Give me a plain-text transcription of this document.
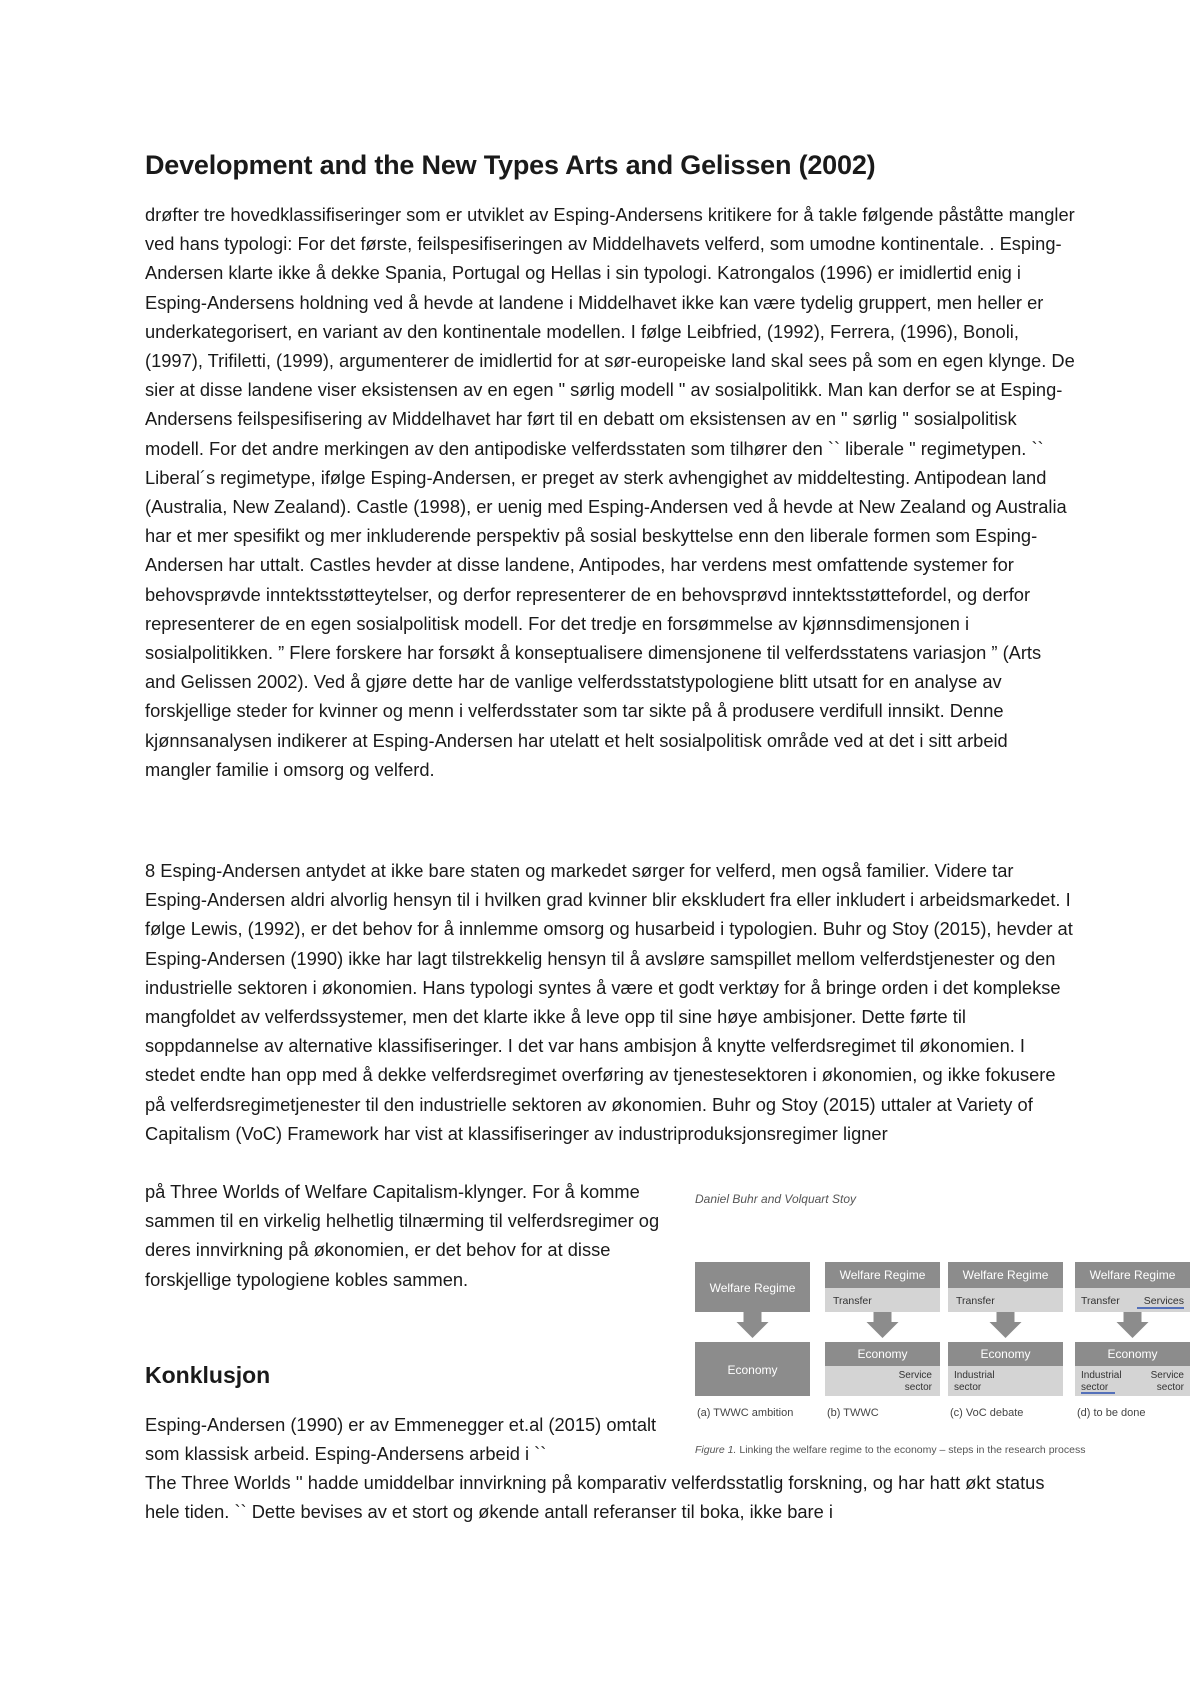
Development and the New Types Arts and Gelissen (2002)

drøfter tre hovedklassifiseringer som er utviklet av Esping-Andersens kritikere for å takle følgende påståtte mangler ved hans typologi: For det første, feilspesifiseringen av Middelhavets velferd, som umodne kontinentale. . Esping-Andersen klarte ikke å dekke Spania, Portugal og Hellas i sin typologi. Katrongalos (1996) er imidlertid enig i Esping-Andersens holdning ved å hevde at landene i Middelhavet ikke kan være tydelig gruppert, men heller er underkategorisert, en variant av den kontinentale modellen. I følge Leibfried, (1992), Ferrera, (1996), Bonoli, (1997), Trifiletti, (1999), argumenterer de imidlertid for at sør-europeiske land skal sees på som en egen klynge. De sier at disse landene viser eksistensen av en egen " sørlig modell " av sosialpolitikk. Man kan derfor se at Esping-Andersens feilspesifisering av Middelhavet har ført til en debatt om eksistensen av en " sørlig " sosialpolitisk modell. For det andre merkingen av den antipodiske velferdsstaten som tilhører den `` liberale " regimetypen. `` Liberal´s regimetype, ifølge Esping-Andersen, er preget av sterk avhengighet av middeltesting. Antipodean land (Australia, New Zealand). Castle (1998), er uenig med Esping-Andersen ved å hevde at New Zealand og Australia har et mer spesifikt og mer inkluderende perspektiv på sosial beskyttelse enn den liberale formen som Esping-Andersen har uttalt. Castles hevder at disse landene, Antipodes, har verdens mest omfattende systemer for behovsprøvde inntektsstøtteytelser, og derfor representerer de en behovsprøvd inntektsstøttefordel, og derfor representerer de en egen sosialpolitisk modell. For det tredje en forsømmelse av kjønnsdimensjonen i sosialpolitikken. ” Flere forskere har forsøkt å konseptualisere dimensjonene til velferdsstatens variasjon ” (Arts and Gelissen 2002). Ved å gjøre dette har de vanlige velferdsstatstypologiene blitt utsatt for en analyse av forskjellige steder for kvinner og menn i velferdsstater som tar sikte på å produsere verdifull innsikt. Denne kjønnsanalysen indikerer at Esping-Andersen har utelatt et helt sosialpolitisk område ved at det i sitt arbeid mangler familie i omsorg og velferd.

8 Esping-Andersen antydet at ikke bare staten og markedet sørger for velferd, men også familier. Videre tar Esping-Andersen aldri alvorlig hensyn til i hvilken grad kvinner blir ekskludert fra eller inkludert i arbeidsmarkedet. I følge Lewis, (1992), er det behov for å innlemme omsorg og husarbeid i typologien. Buhr og Stoy (2015), hevder at Esping-Andersen (1990) ikke har lagt tilstrekkelig hensyn til å avsløre samspillet mellom velferdstjenester og den industrielle sektoren i økonomien. Hans typologi syntes å være et godt verktøy for å bringe orden i det komplekse mangfoldet av velferdssystemer, men det klarte ikke å leve opp til sine høye ambisjoner. Dette førte til soppdannelse av alternative klassifiseringer. I det var hans ambisjon å knytte velferdsregimet til økonomien. I stedet endte han opp med å dekke velferdsregimet overføring av tjenestesektoren i økonomien, og ikke fokusere på velferdsregimetjenester til den industrielle sektoren av økonomien. Buhr og Stoy (2015) uttaler at Variety of Capitalism (VoC) Framework har vist at klassifiseringer av industriproduksjonsregimer ligner

på Three Worlds of Welfare Capitalism-klynger. For å komme sammen til en virkelig helhetlig tilnærming til velferdsregimer og deres innvirkning på økonomien, er det behov for at disse forskjellige typologiene kobles sammen.

Konklusjon

Esping-Andersen (1990) er av Emmenegger et.al (2015) omtalt som klassisk arbeid. Esping-Andersens arbeid i ``

The Three Worlds '' hadde umiddelbar innvirkning på komparativ velferdsstatlig forskning, og har hatt økt status hele tiden. `` Dette bevises av et stort og økende antall referanser til boka, ikke bare i

Daniel Buhr and Volquart Stoy
Welfare Regime
Economy
(a) TWWC ambition
Welfare Regime
Transfer
Economy
Service
sector
(b) TWWC
Welfare Regime
Transfer
Economy
Industrial
sector
(c) VoC debate
Welfare Regime
Transfer Services
Economy
Industrial
sector
Service
sector
(d) to be done
Figure 1. Linking the welfare regime to the economy – steps in the research process
